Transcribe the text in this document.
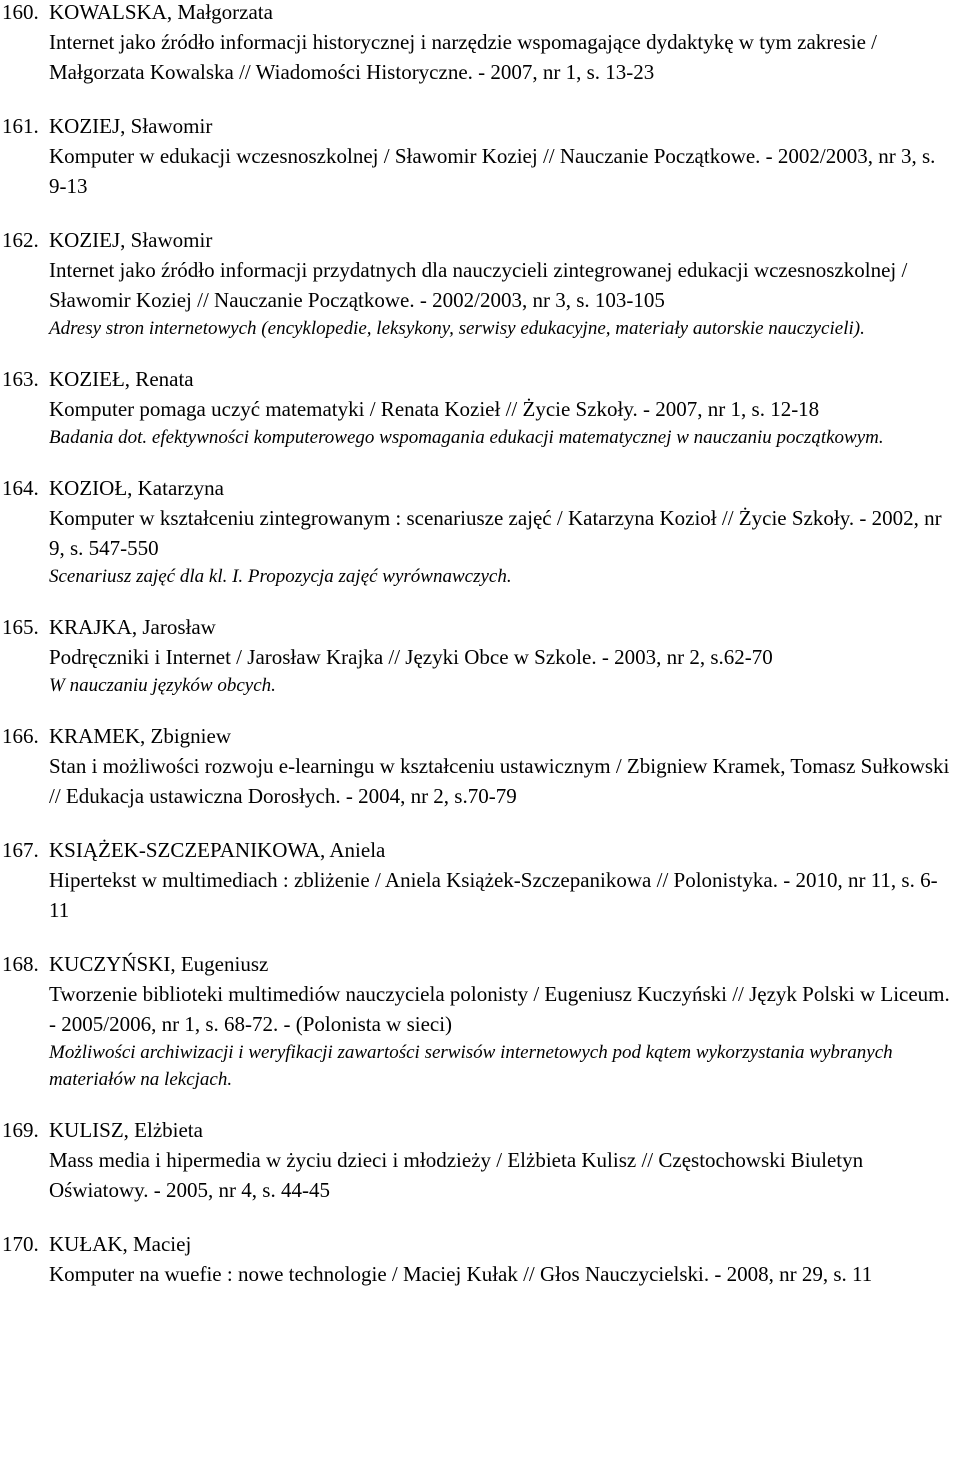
160. KOWALSKA, Małgorzata
Internet jako źródło informacji historycznej i narzędzie wspomagające dydaktykę w tym zakresie / Małgorzata Kowalska // Wiadomości Historyczne. - 2007, nr 1, s. 13-23
161. KOZIEJ, Sławomir
Komputer w edukacji wczesnoszkolnej / Sławomir Koziej // Nauczanie Początkowe. - 2002/2003, nr 3, s. 9-13
162. KOZIEJ, Sławomir
Internet jako źródło informacji przydatnych dla nauczycieli zintegrowanej edukacji wczesnoszkolnej / Sławomir Koziej // Nauczanie Początkowe. - 2002/2003, nr 3, s. 103-105
Adresy stron internetowych (encyklopedie, leksykony, serwisy edukacyjne, materiały autorskie nauczycieli).
163. KOZIEŁ, Renata
Komputer pomaga uczyć matematyki / Renata Kozieł // Życie Szkoły. - 2007, nr 1, s. 12-18
Badania dot. efektywności komputerowego wspomagania edukacji matematycznej w nauczaniu początkowym.
164. KOZIOŁ, Katarzyna
Komputer w kształceniu zintegrowanym : scenariusze zajęć / Katarzyna Kozioł // Życie Szkoły. - 2002, nr 9, s. 547-550
Scenariusz zajęć dla kl. I. Propozycja zajęć wyrównawczych.
165. KRAJKA, Jarosław
Podręczniki i Internet / Jarosław Krajka // Języki Obce w Szkole. - 2003, nr 2, s.62-70
W nauczaniu języków obcych.
166. KRAMEK, Zbigniew
Stan i możliwości rozwoju e-learningu w kształceniu ustawicznym / Zbigniew Kramek, Tomasz Sułkowski // Edukacja ustawiczna Dorosłych. - 2004, nr 2, s.70-79
167. KSIĄŻEK-SZCZEPANIKOWA, Aniela
Hipertekst w multimediach : zbliżenie / Aniela Książek-Szczepanikowa // Polonistyka. - 2010, nr 11, s. 6-11
168. KUCZYŃSKI, Eugeniusz
Tworzenie biblioteki multimediów nauczyciela polonisty / Eugeniusz Kuczyński // Język Polski w Liceum. - 2005/2006, nr 1, s. 68-72. - (Polonista w sieci)
Możliwości archiwizacji i weryfikacji zawartości serwisów internetowych pod kątem wykorzystania wybranych materiałów na lekcjach.
169. KULISZ, Elżbieta
Mass media i hipermedia w życiu dzieci i młodzieży / Elżbieta Kulisz // Częstochowski Biuletyn Oświatowy. - 2005, nr 4, s. 44-45
170. KUŁAK, Maciej
Komputer na wuefie : nowe technologie / Maciej Kułak // Głos Nauczycielski. - 2008, nr 29, s. 11
